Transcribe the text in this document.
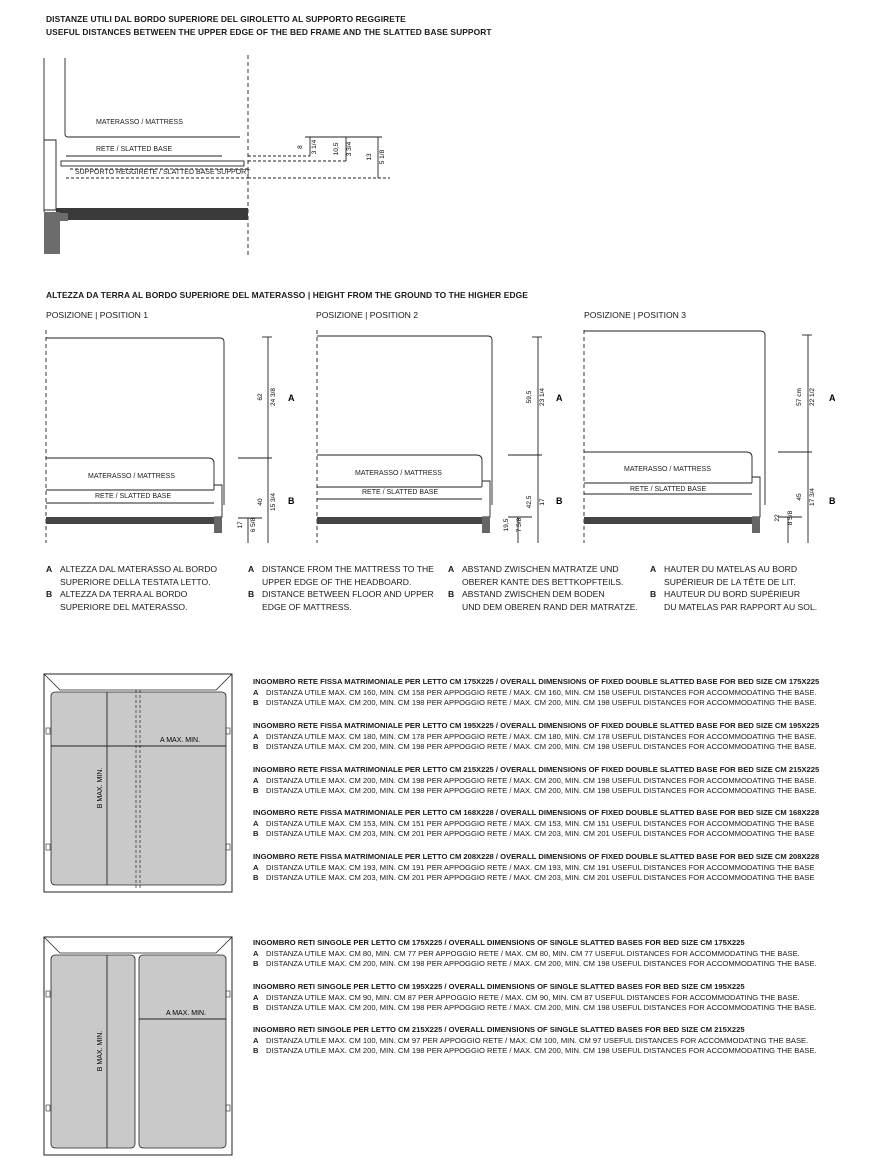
DISTANZE UTILI DAL BORDO SUPERIORE DEL GIROLETTO AL SUPPORTO REGGIRETE
USEFUL DISTANCES BETWEEN THE UPPER EDGE OF THE BED FRAME AND THE SLATTED BASE SUPPORT
8 3 1/4 10,5 3 3/4
13 5 1/8
MATERASSO / MATTRESS
RETE / SLATTED BASE
SUPPORTO REGGIRETE / SLATTED BASE SUPPORT
ALTEZZA DA TERRA AL BORDO SUPERIORE DEL MATERASSO | HEIGHT FROM THE GROUND TO THE HIGHER EDGE
POSIZIONE | POSITION 1	POSIZIONE | POSITION 2	POSIZIONE | POSITION 3
62 24 3/8
40 15 3/4
17 6 5/8
A
B
59,5 23 1/4
42,5 17
19,5 7 5/8
A
B
57 cm 22 1/2
45 17 3/4
22 8 5/8
A
B
MATERASSO / MATTRESS
RETE / SLATTED BASE
MATERASSO / MATTRESS
RETE / SLATTED BASE
MATERASSO / MATTRESS
RETE / SLATTED BASE
A ALTEZZA DAL MATERASSO AL BORDO
SUPERIORE DELLA TESTATA LETTO.
B ALTEZZA DA TERRA AL BORDO
SUPERIORE DEL MATERASSO.
A DISTANCE FROM THE MATTRESS TO THE
UPPER EDGE OF THE HEADBOARD.
B DISTANCE BETWEEN FLOOR AND UPPER
EDGE OF MATTRESS.
A ABSTAND ZWISCHEN MATRATZE UND
OBERER KANTE DES BETTKOPFTEILS.
B ABSTAND ZWISCHEN DEM BODEN
UND DEM OBEREN RAND DER MATRATZE.
A HAUTER DU MATELAS AU BORD
SUPÉRIEUR DE LA TÊTE DE LIT.
B HAUTEUR DU BORD SUPÉRIEUR
DU MATELAS PAR RAPPORT AU SOL.
A MAX. MIN.
B MAX. MIN.
INGOMBRO RETE FISSA MATRIMONIALE PER LETTO CM 175X225 / OVERALL DIMENSIONS OF FIXED DOUBLE SLATTED BASE FOR BED SIZE CM 175X225
A DISTANZA UTILE MAX. CM 160, MIN. CM 158 PER APPOGGIO RETE / MAX. CM 160, MIN. CM 158 USEFUL DISTANCES FOR ACCOMMODATING THE BASE.
B DISTANZA UTILE MAX. CM 200, MIN. CM 198 PER APPOGGIO RETE / MAX. CM 200, MIN. CM 198 USEFUL DISTANCES FOR ACCOMMODATING THE BASE.
INGOMBRO RETE FISSA MATRIMONIALE PER LETTO CM 195X225 / OVERALL DIMENSIONS OF FIXED DOUBLE SLATTED BASE FOR BED SIZE CM 195X225
A DISTANZA UTILE MAX. CM 180, MIN. CM 178 PER APPOGGIO RETE / MAX. CM 180, MIN. CM 178 USEFUL DISTANCES FOR ACCOMMODATING THE BASE.
B DISTANZA UTILE MAX. CM 200, MIN. CM 198 PER APPOGGIO RETE / MAX. CM 200, MIN. CM 198 USEFUL DISTANCES FOR ACCOMMODATING THE BASE.
INGOMBRO RETE FISSA MATRIMONIALE PER LETTO CM 215X225 / OVERALL DIMENSIONS OF FIXED DOUBLE SLATTED BASE FOR BED SIZE CM 215X225
A DISTANZA UTILE MAX. CM 200, MIN. CM 198 PER APPOGGIO RETE / MAX. CM 200, MIN. CM 198 USEFUL DISTANCES FOR ACCOMMODATING THE BASE.
B DISTANZA UTILE MAX. CM 200, MIN. CM 198 PER APPOGGIO RETE / MAX. CM 200, MIN. CM 198 USEFUL DISTANCES FOR ACCOMMODATING THE BASE.
INGOMBRO RETE FISSA MATRIMONIALE PER LETTO CM 168X228 / OVERALL DIMENSIONS OF FIXED DOUBLE SLATTED BASE FOR BED SIZE CM 168X228
A DISTANZA UTILE MAX. CM 153, MIN. CM 151 PER APPOGGIO RETE / MAX. CM 153, MIN. CM 151 USEFUL DISTANCES FOR ACCOMMODATING THE BASE
B DISTANZA UTILE MAX. CM 203, MIN. CM 201 PER APPOGGIO RETE / MAX. CM 203, MIN. CM 201 USEFUL DISTANCES FOR ACCOMMODATING THE BASE
INGOMBRO RETE FISSA MATRIMONIALE PER LETTO CM 208X228 / OVERALL DIMENSIONS OF FIXED DOUBLE SLATTED BASE FOR BED SIZE CM 208X228
A DISTANZA UTILE MAX. CM 193, MIN. CM 191 PER APPOGGIO RETE / MAX. CM 193, MIN. CM 191 USEFUL DISTANCES FOR ACCOMMODATING THE BASE
B DISTANZA UTILE MAX. CM 203, MIN. CM 201 PER APPOGGIO RETE / MAX. CM 203, MIN. CM 201 USEFUL DISTANCES FOR ACCOMMODATING THE BASE
A MAX. MIN.
B MAX. MIN.
INGOMBRO RETI SINGOLE PER LETTO CM 175X225 / OVERALL DIMENSIONS OF SINGLE SLATTED BASES FOR BED SIZE CM 175X225
A DISTANZA UTILE MAX. CM 80, MIN. CM 77 PER APPOGGIO RETE / MAX. CM 80, MIN. CM 77 USEFUL DISTANCES FOR ACCOMMODATING THE BASE.
B DISTANZA UTILE MAX. CM 200, MIN. CM 198 PER APPOGGIO RETE / MAX. CM 200, MIN. CM 198 USEFUL DISTANCES FOR ACCOMMODATING THE BASE.
INGOMBRO RETI SINGOLE PER LETTO CM 195X225 / OVERALL DIMENSIONS OF SINGLE SLATTED BASES FOR BED SIZE CM 195X225
A DISTANZA UTILE MAX. CM 90, MIN. CM 87 PER APPOGGIO RETE / MAX. CM 90, MIN. CM 87 USEFUL DISTANCES FOR ACCOMMODATING THE BASE.
B DISTANZA UTILE MAX. CM 200, MIN. CM 198 PER APPOGGIO RETE / MAX. CM 200, MIN. CM 198 USEFUL DISTANCES FOR ACCOMMODATING THE BASE.
INGOMBRO RETI SINGOLE PER LETTO CM 215X225 / OVERALL DIMENSIONS OF SINGLE SLATTED BASES FOR BED SIZE CM 215X225
A DISTANZA UTILE MAX. CM 100, MIN. CM 97 PER APPOGGIO RETE / MAX. CM 100, MIN. CM 97 USEFUL DISTANCES FOR ACCOMMODATING THE BASE.
B DISTANZA UTILE MAX. CM 200, MIN. CM 198 PER APPOGGIO RETE / MAX. CM 200, MIN. CM 198 USEFUL DISTANCES FOR ACCOMMODATING THE BASE.
